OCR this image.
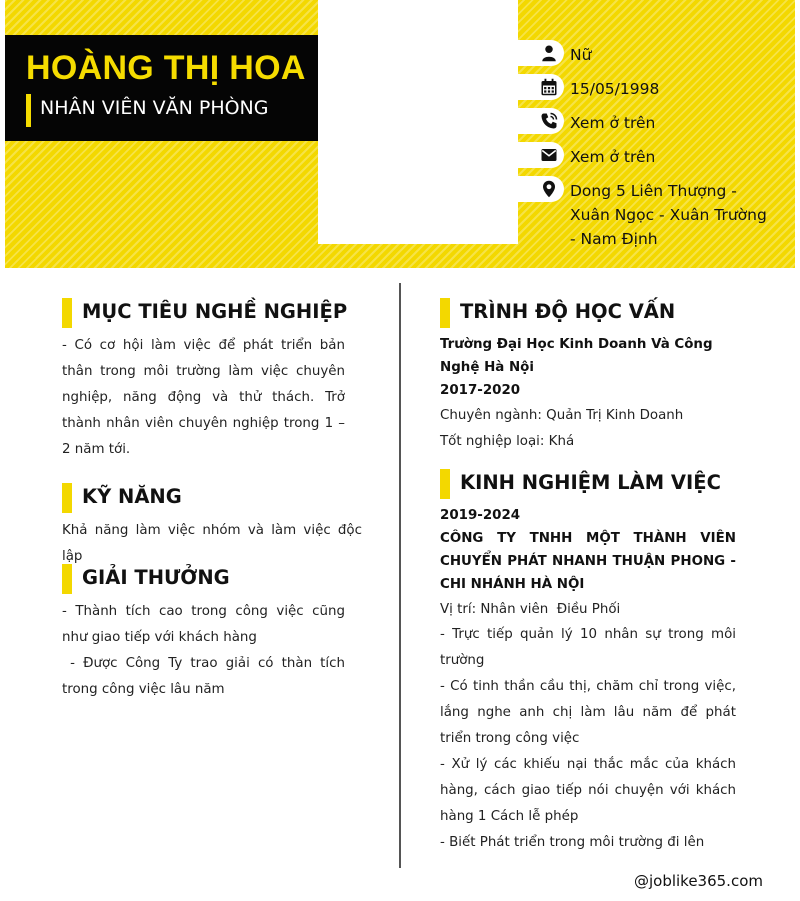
HOÀNG THỊ HOA
NHÂN VIÊN VĂN PHÒNG
Nữ
15/05/1998
Xem ở trên
Xem ở trên
Dong 5 Liên Thượng - Xuân Ngọc - Xuân Trường - Nam Định
MỤC TIÊU NGHỀ NGHIỆP

- Có cơ hội làm việc để phát triển bản thân trong môi trường làm việc chuyên nghiệp, năng động và thử thách. Trở thành nhân viên chuyên nghiệp trong 1 – 2 năm tới.

KỸ NĂNG

Khả năng làm việc nhóm và làm việc độc lập

GIẢI THƯỞNG

- Thành tích cao trong công việc cũng như giao tiếp với khách hàng

- Được Công Ty trao giải có thàn tích trong công việc lâu năm

TRÌNH ĐỘ HỌC VẤN

Trường Đại Học Kinh Doanh Và Công Nghệ Hà Nội

2017-2020

Chuyên ngành: Quản Trị Kinh Doanh

Tốt nghiệp loại: Khá

KINH NGHIỆM LÀM VIỆC

2019-2024

CÔNG TY TNHH MỘT THÀNH VIÊN CHUYỂN PHÁT NHANH THUẬN PHONG - CHI NHÁNH HÀ NỘI

Vị trí: Nhân viên  Điều Phối

- Trực tiếp quản lý 10 nhân sự trong môi trường

- Có tinh thần cầu thị, chăm chỉ trong việc, lắng nghe anh chị làm lâu năm để phát triển trong công việc

- Xử lý các khiếu nại thắc mắc của khách hàng, cách giao tiếp nói chuyện với khách hàng 1 Cách lễ phép

- Biết Phát triển trong môi trường đi lên

@joblike365.com
